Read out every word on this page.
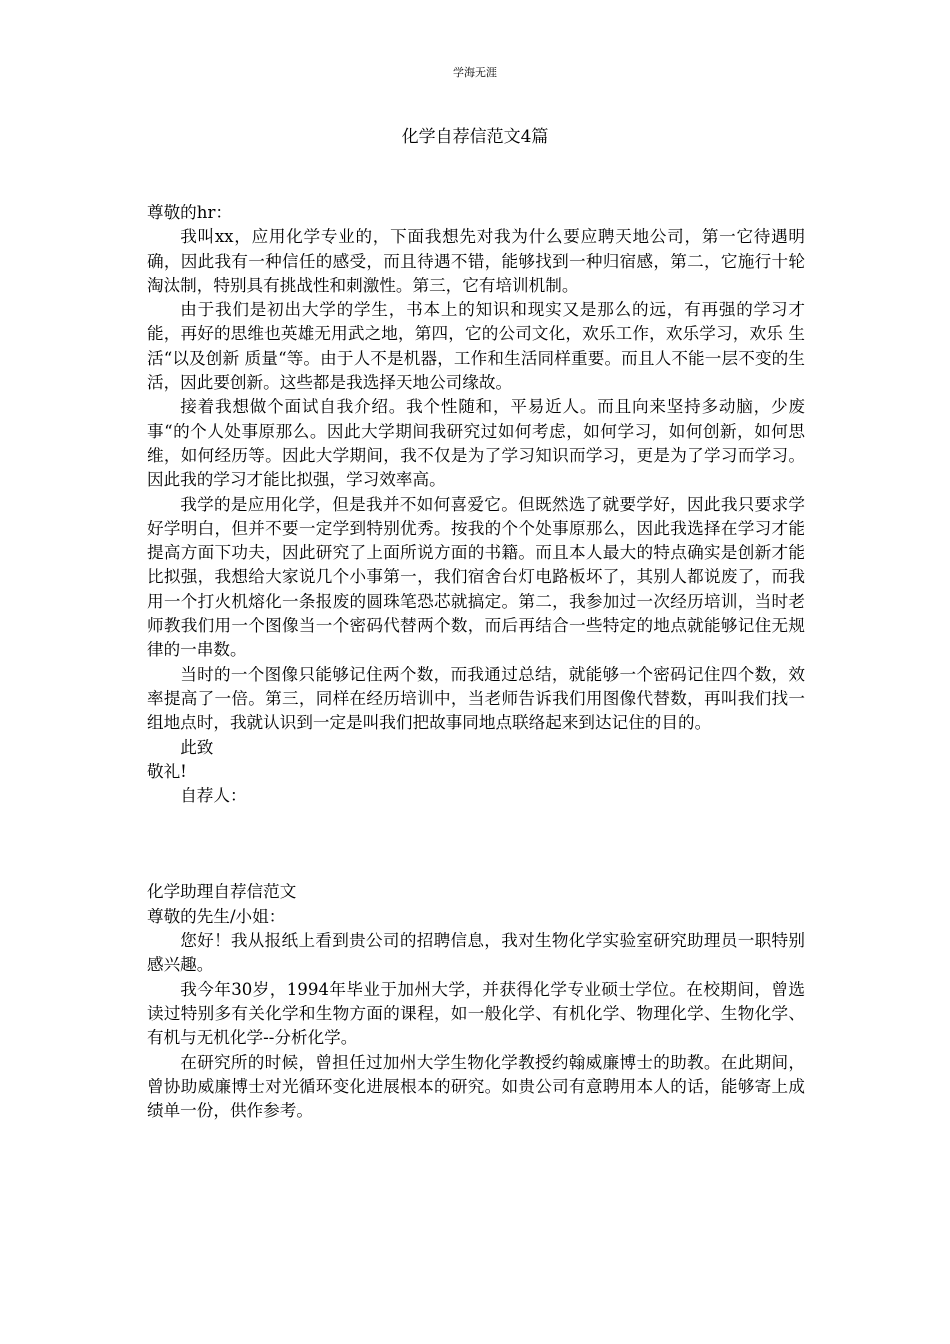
学海无涯
化学自荐信范文4篇

尊敬的hr：

我叫xx，应用化学专业的，下面我想先对我为什么要应聘天地公司，第一它待遇明确，因此我有一种信任的感受，而且待遇不错，能够找到一种归宿感，第二，它施行十轮淘汰制，特别具有挑战性和刺激性。第三，它有培训机制。

由于我们是初出大学的学生，书本上的知识和现实又是那么的远，有再强的学习才能，再好的思维也英雄无用武之地，第四，它的公司文化，欢乐工作，欢乐学习，欢乐 生活“以及创新 质量“等。由于人不是机器，工作和生活同样重要。而且人不能一层不变的生活，因此要创新。这些都是我选择天地公司缘故。

接着我想做个面试自我介绍。我个性随和，平易近人。而且向来坚持多动脑，少废事“的个人处事原那么。因此大学期间我研究过如何考虑，如何学习，如何创新，如何思维，如何经历等。因此大学期间，我不仅是为了学习知识而学习，更是为了学习而学习。因此我的学习才能比拟强，学习效率高。

我学的是应用化学，但是我并不如何喜爱它。但既然选了就要学好，因此我只要求学好学明白，但并不要一定学到特别优秀。按我的个个处事原那么，因此我选择在学习才能提高方面下功夫，因此研究了上面所说方面的书籍。而且本人最大的特点确实是创新才能比拟强，我想给大家说几个小事第一，我们宿舍台灯电路板坏了，其别人都说废了，而我用一个打火机熔化一条报废的圆珠笔恐芯就搞定。第二，我参加过一次经历培训，当时老师教我们用一个图像当一个密码代替两个数，而后再结合一些特定的地点就能够记住无规律的一串数。

当时的一个图像只能够记住两个数，而我通过总结，就能够一个密码记住四个数，效率提高了一倍。第三，同样在经历培训中，当老师告诉我们用图像代替数，再叫我们找一组地点时，我就认识到一定是叫我们把故事同地点联络起来到达记住的目的。

此致

敬礼!

自荐人：

化学助理自荐信范文

尊敬的先生/小姐：

您好！我从报纸上看到贵公司的招聘信息，我对生物化学实验室研究助理员一职特别感兴趣。

我今年30岁，1994年毕业于加州大学，并获得化学专业硕士学位。在校期间，曾选读过特别多有关化学和生物方面的课程，如一般化学、有机化学、物理化学、生物化学、有机与无机化学--分析化学。

在研究所的时候，曾担任过加州大学生物化学教授约翰威廉博士的助教。在此期间，曾协助威廉博士对光循环变化进展根本的研究。如贵公司有意聘用本人的话，能够寄上成绩单一份，供作参考。
